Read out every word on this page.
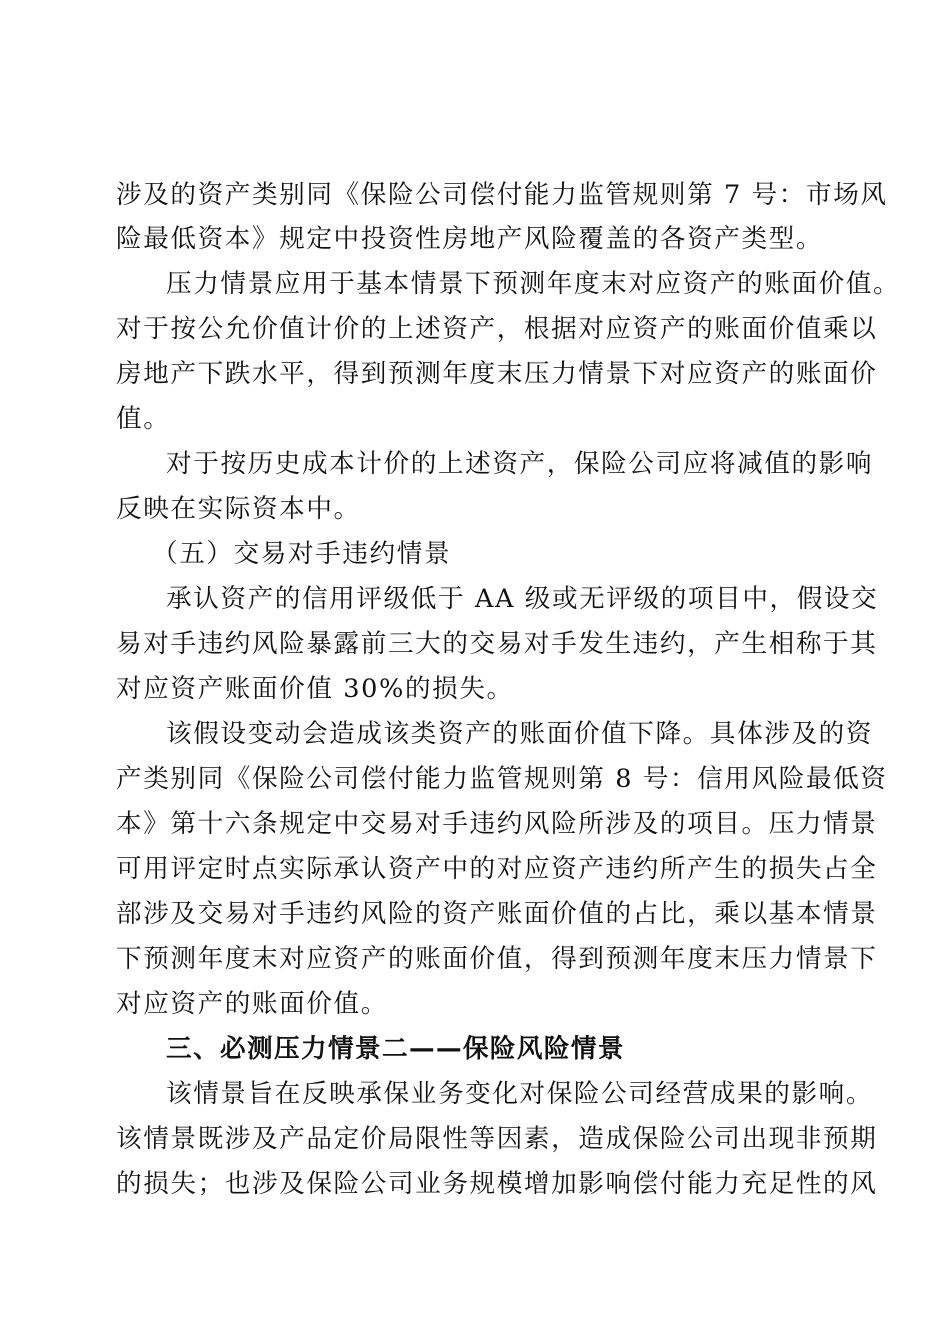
涉及的资产类别同《保险公司偿付能力监管规则第 7 号：市场风
险最低资本》规定中投资性房地产风险覆盖的各资产类型。
压力情景应用于基本情景下预测年度末对应资产的账面价值。
对于按公允价值计价的上述资产，根据对应资产的账面价值乘以
房地产下跌水平，得到预测年度末压力情景下对应资产的账面价
值。
对于按历史成本计价的上述资产，保险公司应将减值的影响
反映在实际资本中。
（五）交易对手违约情景
承认资产的信用评级低于 AA 级或无评级的项目中，假设交
易对手违约风险暴露前三大的交易对手发生违约，产生相称于其
对应资产账面价值 30%的损失。
该假设变动会造成该类资产的账面价值下降。具体涉及的资
产类别同《保险公司偿付能力监管规则第 8 号：信用风险最低资
本》第十六条规定中交易对手违约风险所涉及的项目。压力情景
可用评定时点实际承认资产中的对应资产违约所产生的损失占全
部涉及交易对手违约风险的资产账面价值的占比，乘以基本情景
下预测年度末对应资产的账面价值，得到预测年度末压力情景下
对应资产的账面价值。
三、必测压力情景二——保险风险情景
该情景旨在反映承保业务变化对保险公司经营成果的影响。
该情景既涉及产品定价局限性等因素，造成保险公司出现非预期
的损失；也涉及保险公司业务规模增加影响偿付能力充足性的风
